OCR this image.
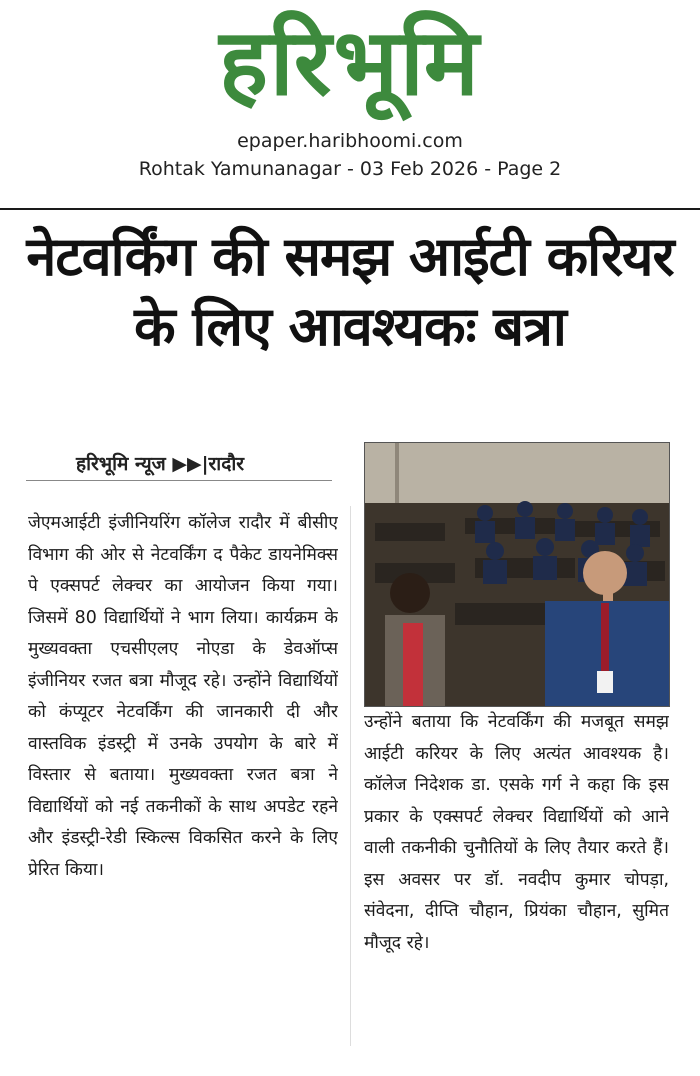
हरिभूमि
epaper.haribhoomi.com
Rohtak Yamunanagar - 03 Feb 2026 - Page 2
नेटवर्किंग की समझ आईटी करियर के लिए आवश्यकः बत्रा
हरिभूमि न्यूज ▶▶|रादौर
जेएमआईटी इंजीनियरिंग कॉलेज रादौर में बीसीए विभाग की ओर से नेटवर्किंग द पैकेट डायनेमिक्स पे एक्सपर्ट लेक्चर का आयोजन किया गया। जिसमें 80 विद्यार्थियों ने भाग लिया। कार्यक्रम के मुख्यवक्ता एचसीएलए नोएडा के डेवऑप्स इंजीनियर रजत बत्रा मौजूद रहे। उन्होंने विद्यार्थियों को कंप्यूटर नेटवर्किंग की जानकारी दी और वास्तविक इंडस्ट्री में उनके उपयोग के बारे में विस्तार से बताया। मुख्यवक्ता रजत बत्रा ने विद्यार्थियों को नई तकनीकों के साथ अपडेट रहने और इंडस्ट्री-रेडी स्किल्स विकसित करने के लिए प्रेरित किया।
उन्होंने बताया कि नेटवर्किंग की मजबूत समझ आईटी करियर के लिए अत्यंत आवश्यक है। कॉलेज निदेशक डा. एसके गर्ग ने कहा कि इस प्रकार के एक्सपर्ट लेक्चर विद्यार्थियों को आने वाली तकनीकी चुनौतियों के लिए तैयार करते हैं। इस अवसर पर डॉ. नवदीप कुमार चोपड़ा, संवेदना, दीप्ति चौहान, प्रियंका चौहान, सुमित मौजूद रहे।
